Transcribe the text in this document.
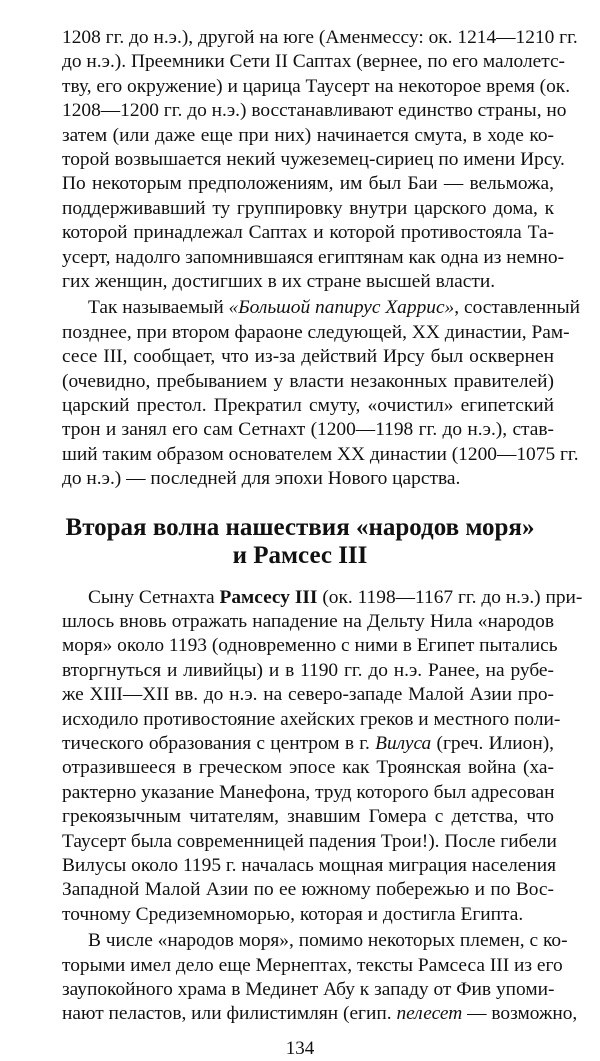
1208 гг. до н.э.), другой на юге (Аменмессу: ок. 1214—1210 гг.
до н.э.). Преемники Сети II Саптах (вернее, по его малолетс-
тву, его окружение) и царица Таусерт на некоторое время (ок.
1208—1200 гг. до н.э.) восстанавливают единство страны, но
затем (или даже еще при них) начинается смута, в ходе ко-
торой возвышается некий чужеземец-сириец по имени Ирсу.
По некоторым предположениям, им был Баи — вельможа,
поддерживавший ту группировку внутри царского дома, к
которой принадлежал Саптах и которой противостояла Та-
усерт, надолго запомнившаяся египтянам как одна из немно-
гих женщин, достигших в их стране высшей власти.
Так называемый «Большой папирус Харрис», составленный
позднее, при втором фараоне следующей, XX династии, Рам-
сесе III, сообщает, что из-за действий Ирсу был осквернен
(очевидно, пребыванием у власти незаконных правителей)
царский престол. Прекратил смуту, «очистил» египетский
трон и занял его сам Сетнахт (1200—1198 гг. до н.э.), став-
ший таким образом основателем XX династии (1200—1075 гг.
до н.э.) — последней для эпохи Нового царства.
Вторая волна нашествия «народов моря»
и Рамсес III
Сыну Сетнахта Рамсесу III (ок. 1198—1167 гг. до н.э.) при-
шлось вновь отражать нападение на Дельту Нила «народов
моря» около 1193 (одновременно с ними в Египет пытались
вторгнуться и ливийцы) и в 1190 гг. до н.э. Ранее, на рубе-
же XIII—XII вв. до н.э. на северо-западе Малой Азии про-
исходило противостояние ахейских греков и местного поли-
тического образования с центром в г. Вилуса (греч. Илион),
отразившееся в греческом эпосе как Троянская война (ха-
рактерно указание Манефона, труд которого был адресован
грекоязычным читателям, знавшим Гомера с детства, что
Таусерт была современницей падения Трои!). После гибели
Вилусы около 1195 г. началась мощная миграция населения
Западной Малой Азии по ее южному побережью и по Вос-
134
точному Средиземноморью, которая и достигла Египта.
В числе «народов моря», помимо некоторых племен, с ко-
торыми имел дело еще Мернептах, тексты Рамсеса III из его
заупокойного храма в Мединет Абу к западу от Фив упоми-
нают пеластов, или филистимлян (егип. пелесет — возможно,
